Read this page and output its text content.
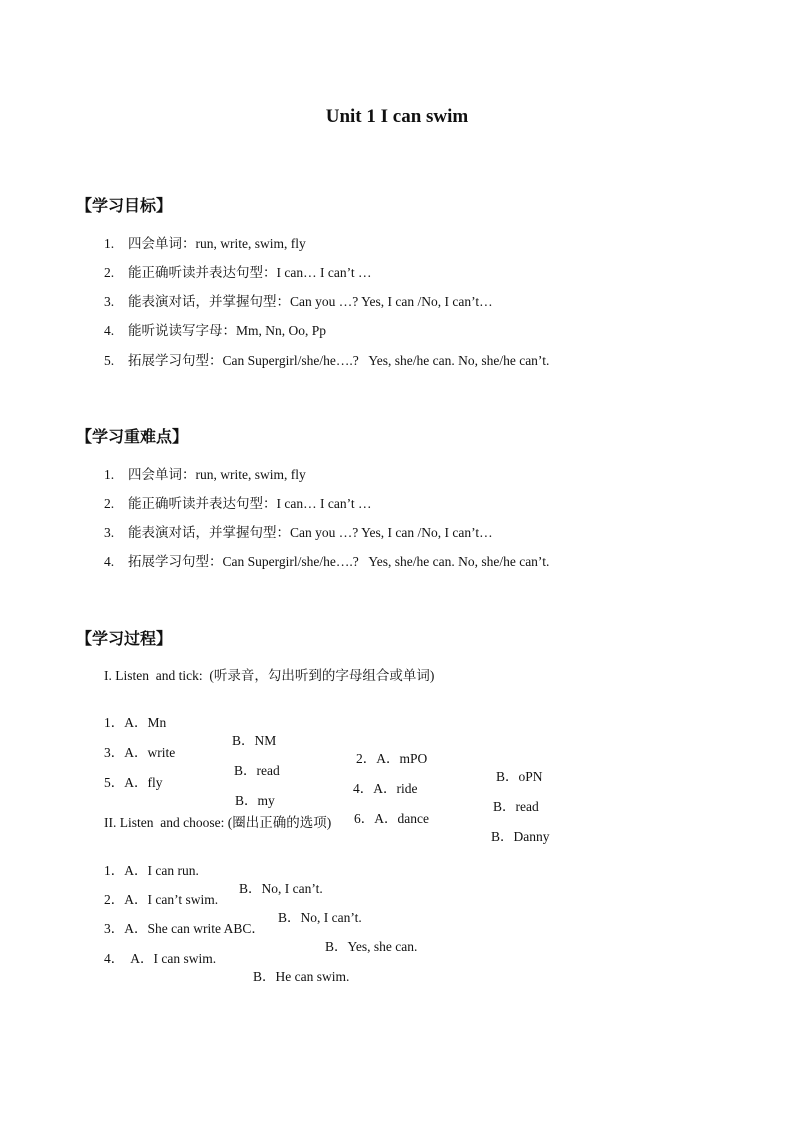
Unit 1 I can swim
【学习目标】
1. 四会单词：run, write, swim, fly
2. 能正确听读并表达句型：I can… I can’t …
3. 能表演对话，并掌握句型：Can you …? Yes, I can /No, I can’t…
4. 能听说读写字母：Mm, Nn, Oo, Pp
5. 拓展学习句型：Can Supergirl/she/he….?   Yes, she/he can. No, she/he can’t.
【学习重难点】
1. 四会单词：run, write, swim, fly
2. 能正确听读并表达句型：I can… I can’t …
3. 能表演对话，并掌握句型：Can you …? Yes, I can /No, I can’t…
4. 拓展学习句型：Can Supergirl/she/he….?   Yes, she/he can. No, she/he can’t.
【学习过程】
I. Listen  and tick:  (听录音，勾出听到的字母组合或单词)

1．A．Mn

B．NM

2．A．mPO

B．oPN

3．A．write

B．read

4．A．ride

B．read

5．A．fly

B．my

6．A．dance

B．Danny

II. Listen  and choose: (圈出正确的选项)

1．A．I can run.

B．No, I can’t.

2．A．I can’t swim.

B．No, I can’t.

3．A．She can write ABC．

B．Yes, she can.

4．  A．I can swim.

B．He can swim.
